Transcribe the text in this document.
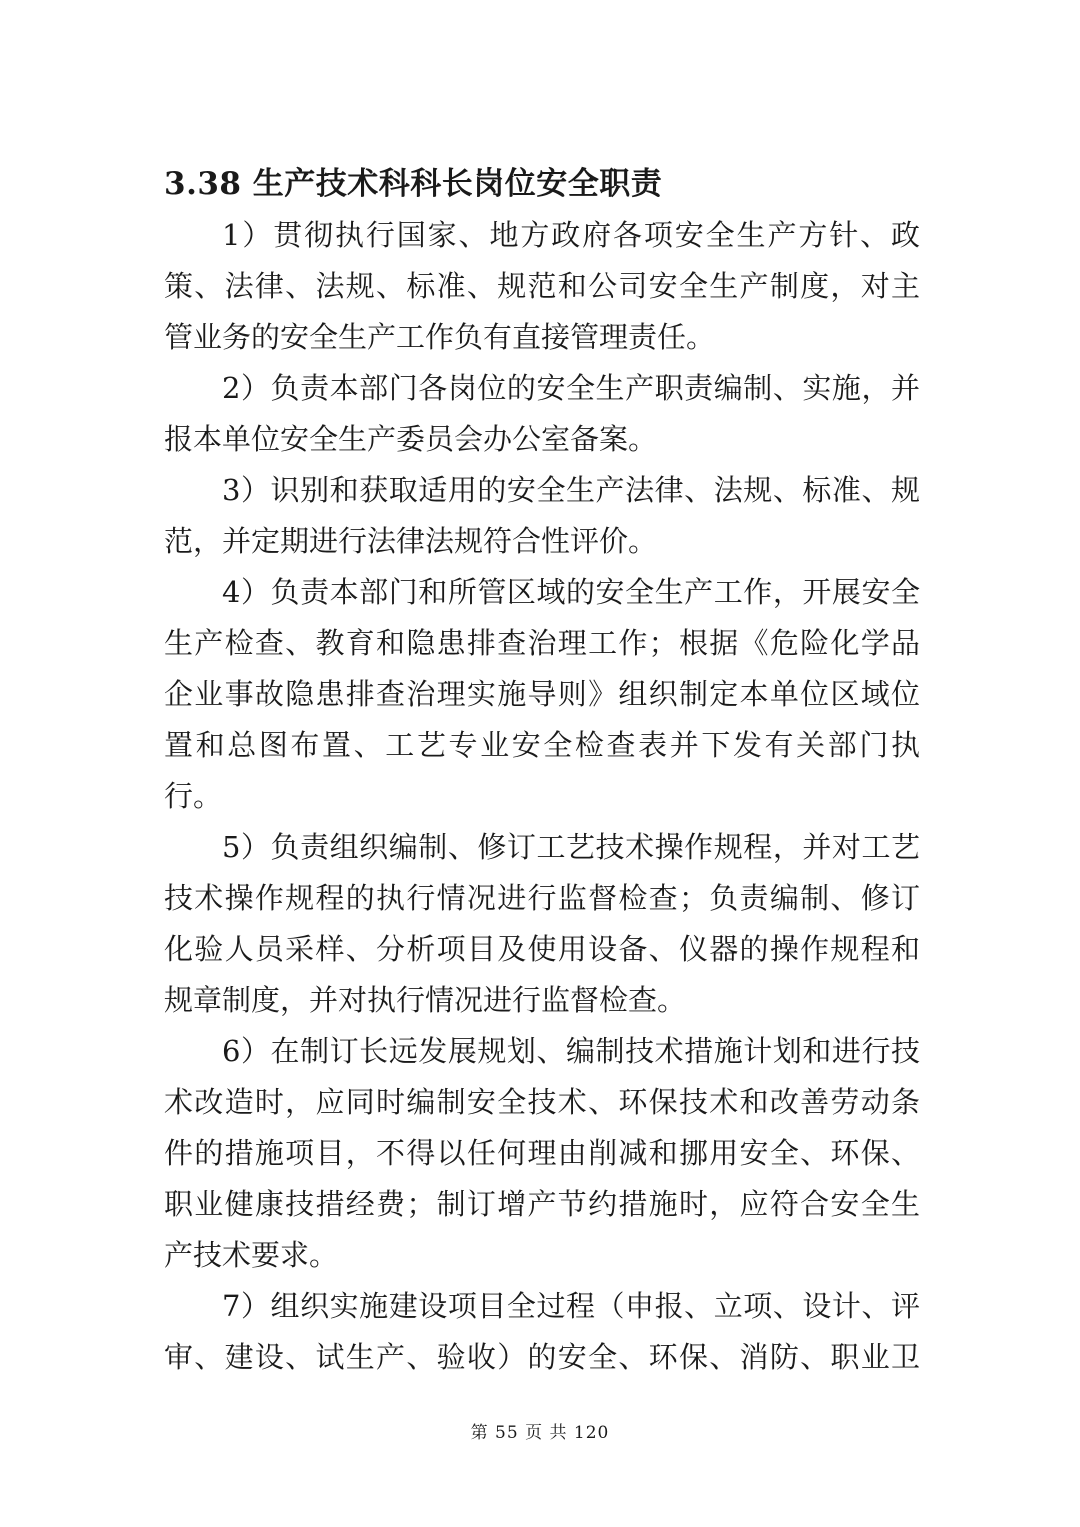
3.38 生产技术科科长岗位安全职责

1）贯彻执行国家、地方政府各项安全生产方针、政
策、法律、法规、标准、规范和公司安全生产制度，对主
管业务的安全生产工作负有直接管理责任。

2）负责本部门各岗位的安全生产职责编制、实施，并
报本单位安全生产委员会办公室备案。

3）识别和获取适用的安全生产法律、法规、标准、规
范，并定期进行法律法规符合性评价。

4）负责本部门和所管区域的安全生产工作，开展安全
生产检查、教育和隐患排查治理工作；根据《危险化学品
企业事故隐患排查治理实施导则》组织制定本单位区域位
置和总图布置、工艺专业安全检查表并下发有关部门执
行。

5）负责组织编制、修订工艺技术操作规程，并对工艺
技术操作规程的执行情况进行监督检查；负责编制、修订
化验人员采样、分析项目及使用设备、仪器的操作规程和
规章制度，并对执行情况进行监督检查。

6）在制订长远发展规划、编制技术措施计划和进行技
术改造时，应同时编制安全技术、环保技术和改善劳动条
件的措施项目，不得以任何理由削减和挪用安全、环保、
职业健康技措经费；制订增产节约措施时，应符合安全生
产技术要求。

7）组织实施建设项目全过程（申报、立项、设计、评
审、建设、试生产、验收）的安全、环保、消防、职业卫

第 55 页 共 120
